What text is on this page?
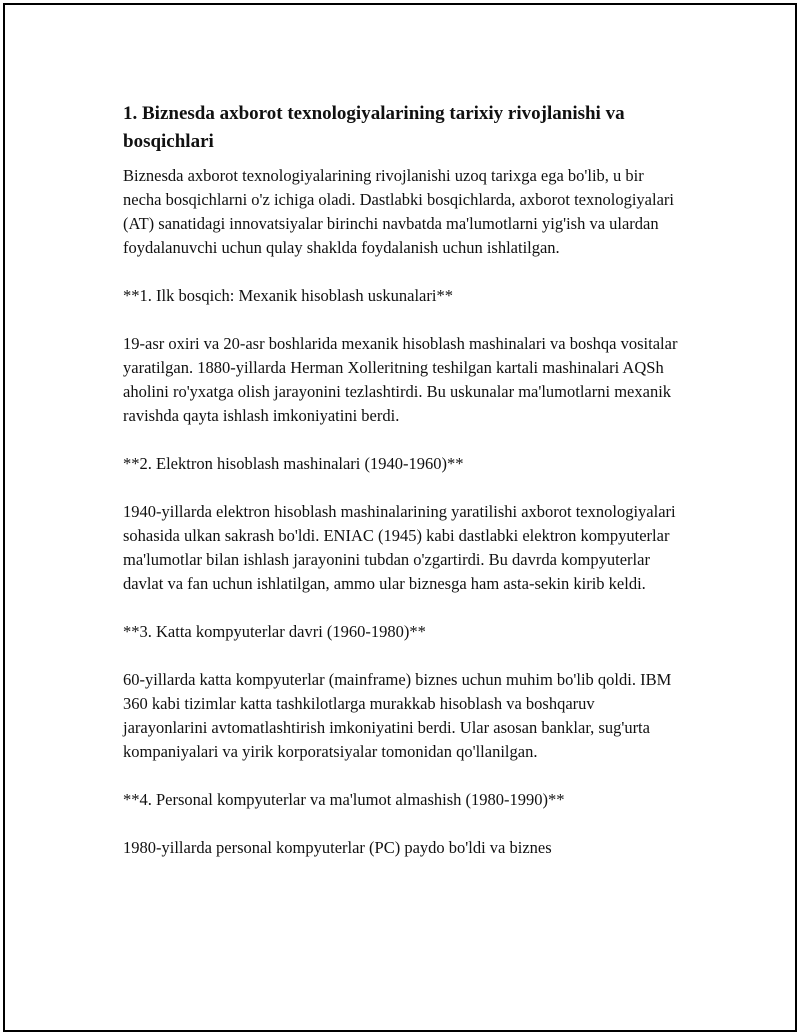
1. Biznesda axborot texnologiyalarining tarixiy rivojlanishi va bosqichlari
Biznesda axborot texnologiyalarining rivojlanishi uzoq tarixga ega bo'lib, u bir necha bosqichlarni o'z ichiga oladi. Dastlabki bosqichlarda, axborot texnologiyalari (AT) sanatidagi innovatsiyalar birinchi navbatda ma'lumotlarni yig'ish va ulardan foydalanuvchi uchun qulay shaklda foydalanish uchun ishlatilgan.
**1. Ilk bosqich: Mexanik hisoblash uskunalari**
19-asr oxiri va 20-asr boshlarida mexanik hisoblash mashinalari va boshqa vositalar yaratilgan. 1880-yillarda Herman Xolleritning teshilgan kartali mashinalari AQSh aholini ro'yxatga olish jarayonini tezlashtirdi. Bu uskunalar ma'lumotlarni mexanik ravishda qayta ishlash imkoniyatini berdi.
**2. Elektron hisoblash mashinalari (1940-1960)**
1940-yillarda elektron hisoblash mashinalarining yaratilishi axborot texnologiyalari sohasida ulkan sakrash bo'ldi. ENIAC (1945) kabi dastlabki elektron kompyuterlar ma'lumotlar bilan ishlash jarayonini tubdan o'zgartirdi. Bu davrda kompyuterlar davlat va fan uchun ishlatilgan, ammo ular biznesga ham asta-sekin kirib keldi.
**3. Katta kompyuterlar davri (1960-1980)**
60-yillarda katta kompyuterlar (mainframe) biznes uchun muhim bo'lib qoldi. IBM 360 kabi tizimlar katta tashkilotlarga murakkab hisoblash va boshqaruv jarayonlarini avtomatlashtirish imkoniyatini berdi. Ular asosan banklar, sug'urta kompaniyalari va yirik korporatsiyalar tomonidan qo'llanilgan.
**4. Personal kompyuterlar va ma'lumot almashish (1980-1990)**
1980-yillarda personal kompyuterlar (PC) paydo bo'ldi va biznes
